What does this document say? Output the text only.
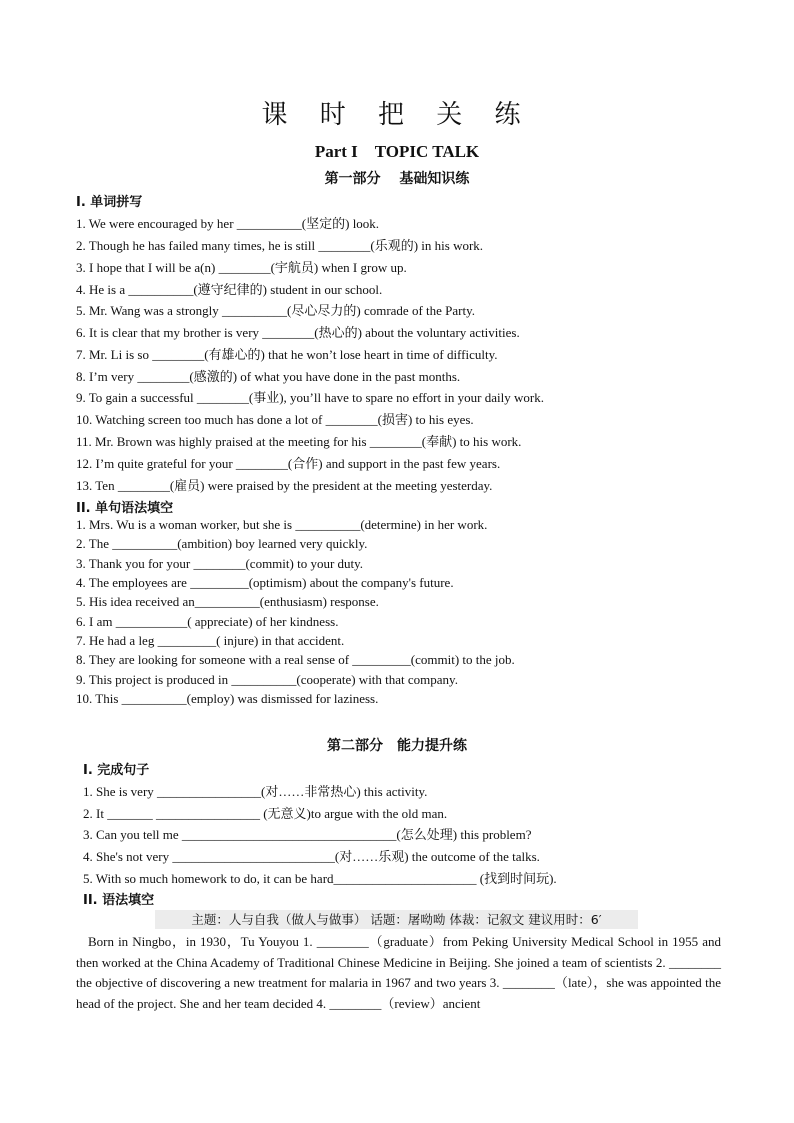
课 时 把 关 练
Part I　TOPIC TALK
第一部分　 基础知识练
I. 单词拼写
1. We were encouraged by her __________(坚定的) look.
2. Though he has failed many times, he is still ________(乐观的) in his work.
3. I hope that I will be a(n) ________(宇航员) when I grow up.
4. He is a __________(遵守纪律的) student in our school.
5. Mr. Wang was a strongly __________(尽心尽力的) comrade of the Party.
6. It is clear that my brother is very ________(热心的) about the voluntary activities.
7. Mr. Li is so ________(有雄心的) that he won’t lose heart in time of difficulty.
8. I’m very ________(感激的) of what you have done in the past months.
9. To gain a successful ________(事业), you’ll have to spare no effort in your daily work.
10. Watching screen too much has done a lot of ________(损害) to his eyes.
11. Mr. Brown was highly praised at the meeting for his ________(奉献) to his work.
12. I’m quite grateful for your ________(合作) and support in the past few years.
13. Ten ________(雇员) were praised by the president at the meeting yesterday.
II. 单句语法填空
1. Mrs. Wu is a woman worker, but she is __________(determine) in her work.
2. The __________(ambition) boy learned very quickly.
3. Thank you for your ________(commit) to your duty.
4. The employees are _________(optimism) about the company's future.
5. His idea received an__________(enthusiasm) response.
6. I am ___________( appreciate) of her kindness.
7. He had a leg _________( injure) in that accident.
8. They are looking for someone with a real sense of _________(commit) to the job.
9. This project is produced in __________(cooperate) with that company.
10. This __________(employ) was dismissed for laziness.
第二部分　能力提升练
I. 完成句子
1. She is very ________________(对……非常热心) this activity.
2. It _______ ________________ (无意义)to argue with the old man.
3. Can you tell me _________________________________(怎么处理) this problem?
4. She's not very _________________________(对……乐观) the outcome of the talks.
5. With so much homework to do, it can be hard______________________ (找到时间玩).
II. 语法填空
主题：人与自我（做人与做事） 话题：屠呦呦 体裁：记叙文 建议用时：6′
Born in Ningbo，in 1930，Tu Youyou 1. ________（graduate）from Peking University Medical School in 1955 and then worked at the China Academy of Traditional Chinese Medicine in Beijing. She joined a team of scientists 2. ________ the objective of discovering a new treatment for malaria in 1967 and two years 3. ________（late），she was appointed the head of the project. She and her team decided 4. ________（review）ancient
